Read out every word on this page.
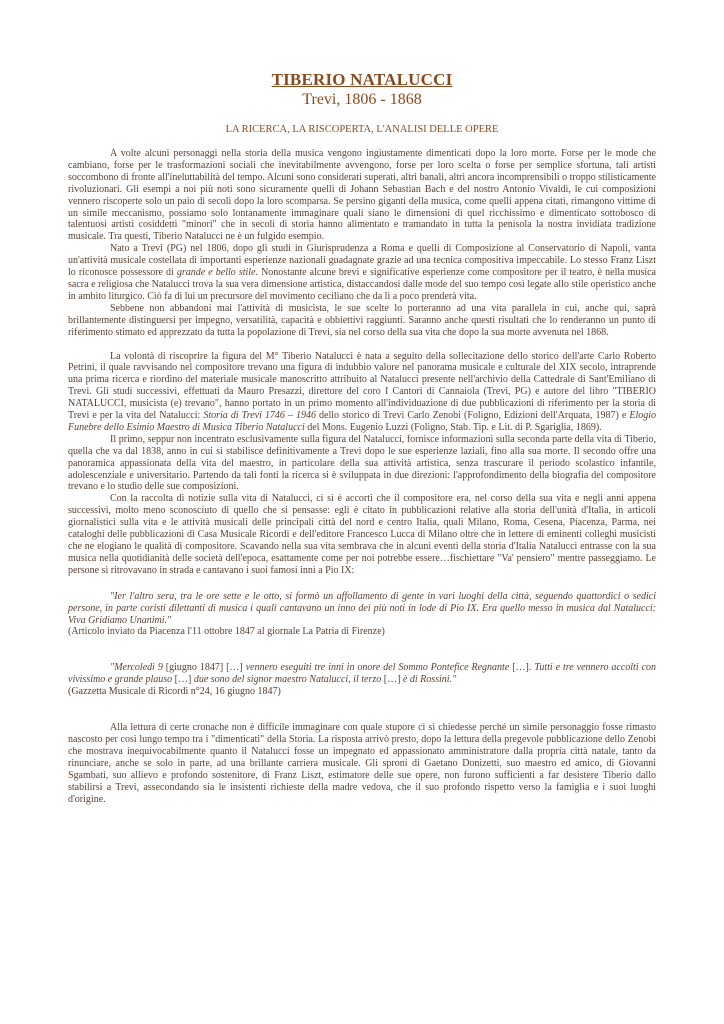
TIBERIO NATALUCCI
Trevi, 1806 - 1868
LA RICERCA, LA RISCOPERTA, L'ANALISI DELLE OPERE

A volte alcuni personaggi nella storia della musica vengono ingiustamente dimenticati dopo la loro morte. Forse per le mode che cambiano, forse per le trasformazioni sociali che inevitabilmente avvengono, forse per loro scelta o forse per semplice sfortuna, tali artisti soccombono di fronte all'ineluttabilità del tempo. Alcuni sono considerati superati, altri banali, altri ancora incomprensibili o troppo stilisticamente rivoluzionari. Gli esempi a noi più noti sono sicuramente quelli di Johann Sebastian Bach e del nostro Antonio Vivaldi, le cui composizioni vennero riscoperte solo un paio di secoli dopo la loro scomparsa. Se persino giganti della musica, come quelli appena citati, rimangono vittime di un simile meccanismo, possiamo solo lontanamente immaginare quali siano le dimensioni di quel ricchissimo e dimenticato sottobosco di talentuosi artisti cosiddetti "minori" che in secoli di storia hanno alimentato e tramandato in tutta la penisola la nostra invidiata tradizione musicale. Tra questi, Tiberio Natalucci ne è un fulgido esempio.

Nato a Trevi (PG) nel 1806, dopo gli studi in Giurisprudenza a Roma e quelli di Composizione al Conservatorio di Napoli, vanta un'attività musicale costellata di importanti esperienze nazionali guadagnate grazie ad una tecnica compositiva impeccabile. Lo stesso Franz Liszt lo riconosce possessore di grande e bello stile. Nonostante alcune brevi e significative esperienze come compositore per il teatro, è nella musica sacra e religiosa che Natalucci trova la sua vera dimensione artistica, distaccandosi dalle mode del suo tempo così legate allo stile operistico anche in ambito liturgico. Ciò fa di lui un precursore del movimento ceciliano che da lì a poco prenderà vita.

Sebbene non abbandoni mai l'attività di musicista, le sue scelte lo porteranno ad una vita parallela in cui, anche qui, saprà brillantemente distinguersi per impegno, versatilità, capacità e obbiettivi raggiunti. Saranno anche questi risultati che lo renderanno un punto di riferimento stimato ed apprezzato da tutta la popolazione di Trevi, sia nel corso della sua vita che dopo la sua morte avvenuta nel 1868.

La volontà di riscoprire la figura del M° Tiberio Natalucci è nata a seguito della sollecitazione dello storico dell'arte Carlo Roberto Petrini, il quale ravvisando nel compositore trevano una figura di indubbio valore nel panorama musicale e culturale del XIX secolo, intraprende una prima ricerca e riordino del materiale musicale manoscritto attribuito al Natalucci presente nell'archivio della Cattedrale di Sant'Emiliano di Trevi. Gli studi successivi, effettuati da Mauro Presazzi, direttore del coro I Cantori di Cannaiola (Trevi, PG) e autore del libro "TIBERIO NATALUCCI, musicista (e) trevano", hanno portato in un primo momento all'individuazione di due pubblicazioni di riferimento per la storia di Trevi e per la vita del Natalucci: Storia di Trevi 1746 – 1946 dello storico di Trevi Carlo Zenobi (Foligno, Edizioni dell'Arquata, 1987) e Elogio Funebre dello Esimio Maestro di Musica Tiberio Natalucci del Mons. Eugenio Luzzi (Foligno, Stab. Tip. e Lit. di P. Sgariglia, 1869).

Il primo, seppur non incentrato esclusivamente sulla figura del Natalucci, fornisce informazioni sulla seconda parte della vita di Tiberio, quella che va dal 1838, anno in cui si stabilisce definitivamente a Trevi dopo le sue esperienze laziali, fino alla sua morte. Il secondo offre una panoramica appassionata della vita del maestro, in particolare della sua attività artistica, senza trascurare il periodo scolastico infantile, adolescenziale e universitario. Partendo da tali fonti la ricerca si è sviluppata in due direzioni: l'approfondimento della biografia del compositore trevano e lo studio delle sue composizioni.

Con la raccolta di notizie sulla vita di Natalucci, ci si è accorti che il compositore era, nel corso della sua vita e negli anni appena successivi, molto meno sconosciuto di quello che si pensasse: egli è citato in pubblicazioni relative alla storia dell'unità d'Italia, in articoli giornalistici sulla vita e le attività musicali delle principali città del nord e centro Italia, quali Milano, Roma, Cesena, Piacenza, Parma, nei cataloghi delle pubblicazioni di Casa Musicale Ricordi e dell'editore Francesco Lucca di Milano oltre che in lettere di eminenti colleghi musicisti che ne elogiano le qualità di compositore. Scavando nella sua vita sembrava che in alcuni eventi della storia d'Italia Natalucci entrasse con la sua musica nella quotidianità delle società dell'epoca, esattamente come per noi potrebbe essere…fischiettare "Va' pensiero" mentre passeggiamo. Le persone si ritrovavano in strada e cantavano i suoi famosi inni a Pio IX:

"Ier l'altro sera, tra le ore sette e le otto, si formò un affollamento di gente in vari luoghi della città, seguendo quattordici o sedici persone, in parte coristi dilettanti di musica i quali cantavano un inno dei più noti in lode di Pio IX. Era quello messo in musica dal Natalucci: Viva Gridiamo Unanimi."

(Articolo inviato da Piacenza l'11 ottobre 1847 al giornale La Patria di Firenze)

"Mercoledì 9 [giugno 1847] […] vennero eseguiti tre inni in onore del Sommo Pontefice Regnante […]. Tutti e tre vennero accolti con vivissimo e grande plauso […] due sono del signor maestro Natalucci, il terzo […] è di Rossini."

(Gazzetta Musicale di Ricordi n°24, 16 giugno 1847)

Alla lettura di certe cronache non è difficile immaginare con quale stupore ci si chiedesse perché un simile personaggio fosse rimasto nascosto per così lungo tempo tra i "dimenticati" della Storia. La risposta arrivò presto, dopo la lettura della pregevole pubblicazione dello Zenobi che mostrava inequivocabilmente quanto il Natalucci fosse un impegnato ed appassionato amministratore dalla propria città natale, tanto da rinunciare, anche se solo in parte, ad una brillante carriera musicale. Gli sproni di Gaetano Donizetti, suo maestro ed amico, di Giovanni Sgambati, suo allievo e profondo sostenitore, di Franz Liszt, estimatore delle sue opere, non furono sufficienti a far desistere Tiberio dallo stabilirsi a Trevi, assecondando sia le insistenti richieste della madre vedova, che il suo profondo rispetto verso la famiglia e i suoi luoghi d'origine.
